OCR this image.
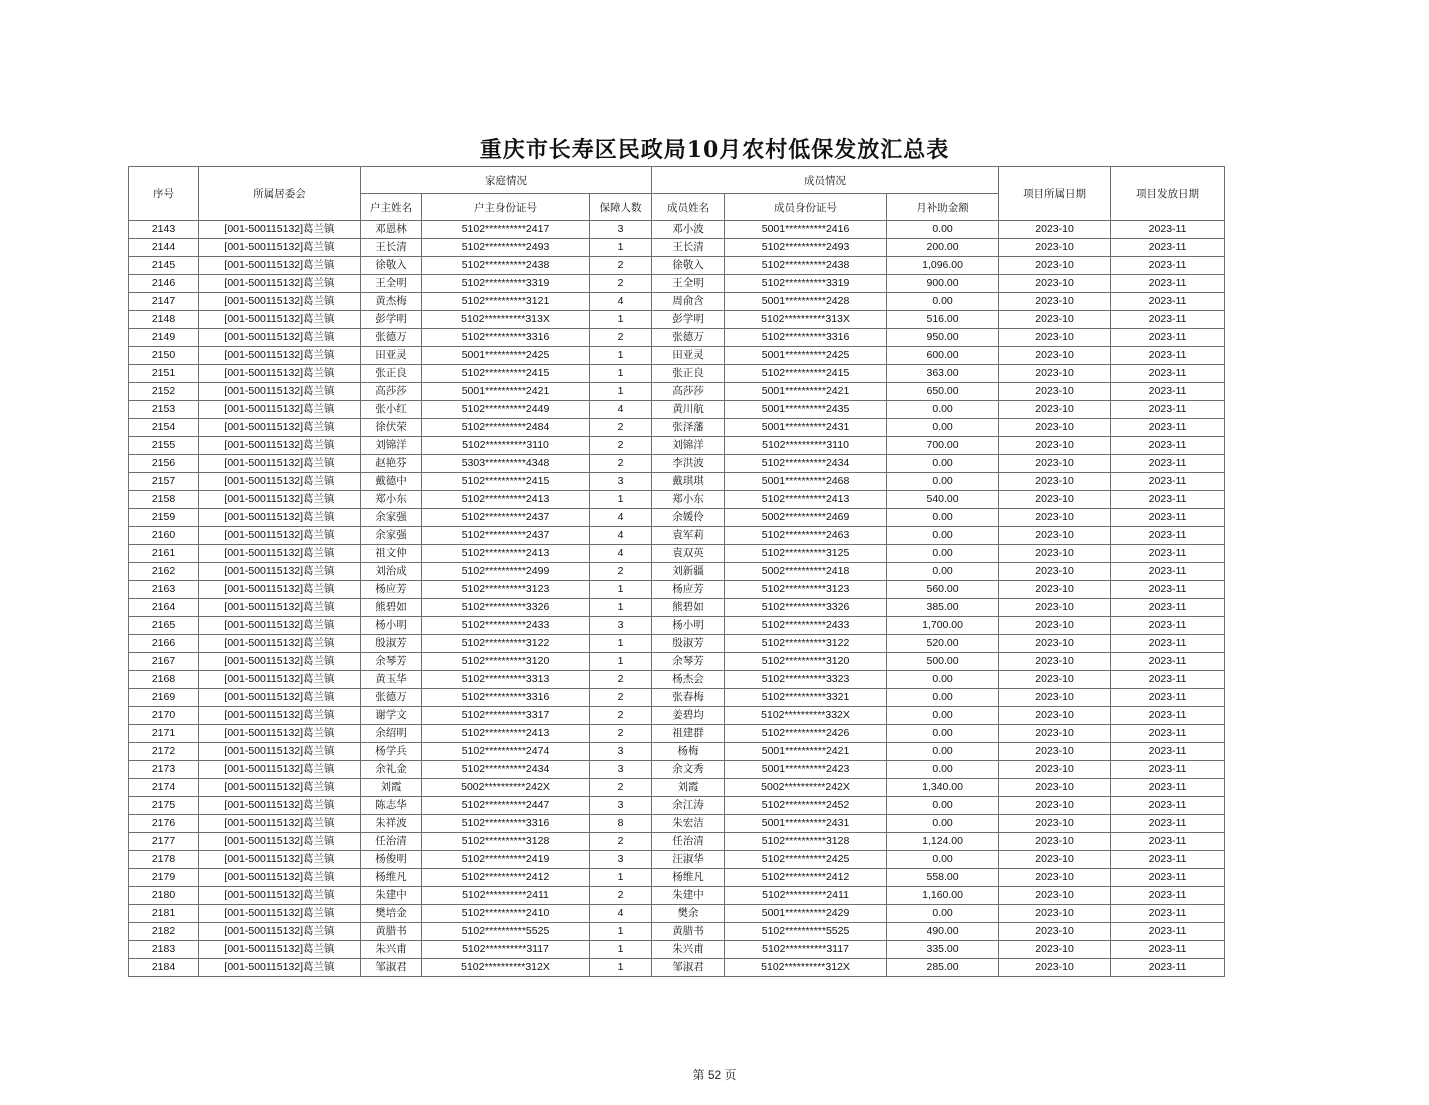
重庆市长寿区民政局10月农村低保发放汇总表
序号	所属居委会	家庭情况			成员情况			项目所属日期	项目发放日期
		户主姓名	户主身份证号	保障人数	成员姓名	成员身份证号	月补助金额		
2143	[001-500115132]葛兰镇	邓恩林	5102**********2417	3	邓小波	5001**********2416	0.00	2023-10	2023-11
2144	[001-500115132]葛兰镇	王长清	5102**********2493	1	王长清	5102**********2493	200.00	2023-10	2023-11
2145	[001-500115132]葛兰镇	徐敬入	5102**********2438	2	徐敬入	5102**********2438	1,096.00	2023-10	2023-11
2146	[001-500115132]葛兰镇	王全明	5102**********3319	2	王全明	5102**********3319	900.00	2023-10	2023-11
2147	[001-500115132]葛兰镇	黄杰梅	5102**********3121	4	周俞含	5001**********2428	0.00	2023-10	2023-11
2148	[001-500115132]葛兰镇	彭学明	5102**********313X	1	彭学明	5102**********313X	516.00	2023-10	2023-11
2149	[001-500115132]葛兰镇	张德万	5102**********3316	2	张德万	5102**********3316	950.00	2023-10	2023-11
2150	[001-500115132]葛兰镇	田亚灵	5001**********2425	1	田亚灵	5001**********2425	600.00	2023-10	2023-11
2151	[001-500115132]葛兰镇	张正良	5102**********2415	1	张正良	5102**********2415	363.00	2023-10	2023-11
2152	[001-500115132]葛兰镇	高莎莎	5001**********2421	1	高莎莎	5001**********2421	650.00	2023-10	2023-11
2153	[001-500115132]葛兰镇	张小红	5102**********2449	4	黄川航	5001**********2435	0.00	2023-10	2023-11
2154	[001-500115132]葛兰镇	徐伏荣	5102**********2484	2	张泽藩	5001**********2431	0.00	2023-10	2023-11
2155	[001-500115132]葛兰镇	刘锦洋	5102**********3110	2	刘锦洋	5102**********3110	700.00	2023-10	2023-11
2156	[001-500115132]葛兰镇	赵艳芬	5303**********4348	2	李洪波	5102**********2434	0.00	2023-10	2023-11
2157	[001-500115132]葛兰镇	戴德中	5102**********2415	3	戴琪琪	5001**********2468	0.00	2023-10	2023-11
2158	[001-500115132]葛兰镇	郑小东	5102**********2413	1	郑小东	5102**********2413	540.00	2023-10	2023-11
2159	[001-500115132]葛兰镇	余家强	5102**********2437	4	余媛伶	5002**********2469	0.00	2023-10	2023-11
2160	[001-500115132]葛兰镇	余家强	5102**********2437	4	袁军莉	5102**********2463	0.00	2023-10	2023-11
2161	[001-500115132]葛兰镇	祖文仲	5102**********2413	4	袁双英	5102**********3125	0.00	2023-10	2023-11
2162	[001-500115132]葛兰镇	刘治成	5102**********2499	2	刘新疆	5002**********2418	0.00	2023-10	2023-11
2163	[001-500115132]葛兰镇	杨应芳	5102**********3123	1	杨应芳	5102**********3123	560.00	2023-10	2023-11
2164	[001-500115132]葛兰镇	熊碧如	5102**********3326	1	熊碧如	5102**********3326	385.00	2023-10	2023-11
2165	[001-500115132]葛兰镇	杨小明	5102**********2433	3	杨小明	5102**********2433	1,700.00	2023-10	2023-11
2166	[001-500115132]葛兰镇	殷淑芳	5102**********3122	1	殷淑芳	5102**********3122	520.00	2023-10	2023-11
2167	[001-500115132]葛兰镇	余琴芳	5102**********3120	1	余琴芳	5102**********3120	500.00	2023-10	2023-11
2168	[001-500115132]葛兰镇	黄玉华	5102**********3313	2	杨杰会	5102**********3323	0.00	2023-10	2023-11
2169	[001-500115132]葛兰镇	张德万	5102**********3316	2	张春梅	5102**********3321	0.00	2023-10	2023-11
2170	[001-500115132]葛兰镇	谢学文	5102**********3317	2	姜碧均	5102**********332X	0.00	2023-10	2023-11
2171	[001-500115132]葛兰镇	余绍明	5102**********2413	2	祖建群	5102**********2426	0.00	2023-10	2023-11
2172	[001-500115132]葛兰镇	杨学兵	5102**********2474	3	杨梅	5001**********2421	0.00	2023-10	2023-11
2173	[001-500115132]葛兰镇	余礼金	5102**********2434	3	余文秀	5001**********2423	0.00	2023-10	2023-11
2174	[001-500115132]葛兰镇	刘霞	5002**********242X	2	刘霞	5002**********242X	1,340.00	2023-10	2023-11
2175	[001-500115132]葛兰镇	陈志华	5102**********2447	3	余江涛	5102**********2452	0.00	2023-10	2023-11
2176	[001-500115132]葛兰镇	朱祥波	5102**********3316	8	朱宏洁	5001**********2431	0.00	2023-10	2023-11
2177	[001-500115132]葛兰镇	任治清	5102**********3128	2	任治清	5102**********3128	1,124.00	2023-10	2023-11
2178	[001-500115132]葛兰镇	杨俊明	5102**********2419	3	汪淑华	5102**********2425	0.00	2023-10	2023-11
2179	[001-500115132]葛兰镇	杨维凡	5102**********2412	1	杨维凡	5102**********2412	558.00	2023-10	2023-11
2180	[001-500115132]葛兰镇	朱建中	5102**********2411	2	朱建中	5102**********2411	1,160.00	2023-10	2023-11
2181	[001-500115132]葛兰镇	樊培金	5102**********2410	4	樊余	5001**********2429	0.00	2023-10	2023-11
2182	[001-500115132]葛兰镇	黄腊书	5102**********5525	1	黄腊书	5102**********5525	490.00	2023-10	2023-11
2183	[001-500115132]葛兰镇	朱兴甫	5102**********3117	1	朱兴甫	5102**********3117	335.00	2023-10	2023-11
2184	[001-500115132]葛兰镇	邹淑君	5102**********312X	1	邹淑君	5102**********312X	285.00	2023-10	2023-11
第 52 页
